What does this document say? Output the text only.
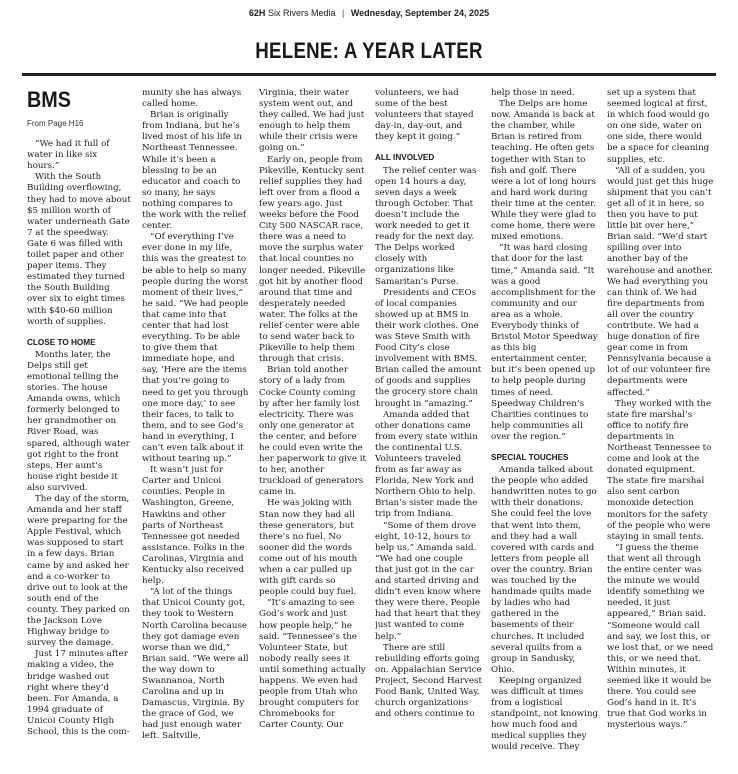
62H Six Rivers Media | Wednesday, September 24, 2025
HELENE: A YEAR LATER
BMS
From Page H16

“We had it full of water in like six hours.”

With the South Building overflowing, they had to move about $5 million worth of water underneath Gate 7 at the speedway. Gate 6 was filled with toilet paper and other paper items. They estimated they turned the South Building over six to eight times with $40-60 million worth of supplies.

CLOSE TO HOME

Months later, the Delps still get emotional telling the stories. The house Amanda owns, which formerly belonged to her grandmother on River Road, was spared, although water got right to the front steps. Her aunt’s house right beside it also survived.

The day of the storm, Amanda and her staff were preparing for the Apple Festival, which was supposed to start in a few days. Brian came by and asked her and a co-worker to drive out to look at the south end of the county. They parked on the Jackson Love Highway bridge to survey the damage.

Just 17 minutes after making a video, the bridge washed out right where they’d been. For Amanda, a 1994 graduate of Unicoi County High School, this is the com-

munity she has always called home.

Brian is originally from Indiana, but he’s lived most of his life in Northeast Tennessee. While it’s been a blessing to be an educator and coach to so many, he says nothing compares to the work with the relief center.

“Of everything I’ve ever done in my life, this was the greatest to be able to help so many people during the worst moment of their lives,” he said. “We had people that came into that center that had lost everything. To be able to give them that immediate hope, and say, ‘Here are the items that you’re going to need to get you through one more day,’ to see their faces, to talk to them, and to see God’s hand in everything, I can’t even talk about it without tearing up.”

It wasn’t just for Carter and Unicoi counties. People in Washington, Greene, Hawkins and other parts of Northeast Tennessee got needed assistance. Folks in the Carolinas, Virginia and Kentucky also received help.

“A lot of the things that Unicoi County got, they took to Western North Carolina because they got damage even worse than we did,” Brian said. “We were all the way down to Swannanoa, North Carolina and up in Damascus, Virginia. By the grace of God, we had just enough water left. Saltville,

Virginia, their water system went out, and they called. We had just enough to help them while their crisis were going on.”

Early on, people from Pikeville, Kentucky sent relief supplies they had left over from a flood a few years ago. Just weeks before the Food City 500 NASCAR race, there was a need to move the surplus water that local counties no longer needed. Pikeville got hit by another flood around that time and desperately needed water. The folks at the relief center were able to send water back to Pikeville to help them through that crisis.

Brian told another story of a lady from Cocke County coming by after her family lost electricity. There was only one generator at the center, and before he could even write the her paperwork to give it to her, another truckload of generators came in.

He was joking with Stan now they had all these generators, but there’s no fuel. No sooner did the words come out of his mouth when a car pulled up with gift cards so people could buy fuel.

“It’s amazing to see God’s work and just how people help,” he said. “Tennessee’s the Volunteer State, but nobody really sees it until something actually happens. We even had people from Utah who brought computers for Chromebooks for Carter County. Our

volunteers, we had some of the best volunteers that stayed day-in, day-out, and they kept it going.”

ALL INVOLVED

The relief center was open 14 hours a day, seven days a week through October. That doesn’t include the work needed to get it ready for the next day. The Delps worked closely with organizations like Samaritan’s Purse.

Presidents and CEOs of local companies showed up at BMS in their work clothes. One was Steve Smith with Food City’s close involvement with BMS. Brian called the amount of goods and supplies the grocery store chain brought in “amazing.”

Amanda added that other donations came from every state within the continental U.S. Volunteers traveled from as far away as Florida, New York and Northern Ohio to help. Brian’s sister made the trip from Indiana.

“Some of them drove eight, 10-12, hours to help us,” Amanda said. “We had one couple that just got in the car and started driving and didn’t even know where they were there. People had that heart that they just wanted to come help.”

There are still rebuilding efforts going on. Appalachian Service Project, Second Harvest Food Bank, United Way, church organizations and others continue to

help those in need.

The Delps are home now. Amanda is back at the chamber, while Brian is retired from teaching. He often gets together with Stan to fish and golf. There were a lot of long hours and hard work during their time at the center. While they were glad to come home, there were mixed emotions.

“It was hard closing that door for the last time,” Amanda said. “It was a good accomplishment for the community and our area as a whole. Everybody thinks of Bristol Motor Speedway as this big entertainment center, but it’s been opened up to help people during times of need. Speedway Children’s Charities continues to help communities all over the region.”

SPECIAL TOUCHES

Amanda talked about the people who added handwritten notes to go with their donations. She could feel the love that went into them, and they had a wall covered with cards and letters from people all over the country. Brian was touched by the handmade quilts made by ladies who had gathered in the basements of their churches. It included several quilts from a group in Sandusky, Ohio.

Keeping organized was difficult at times from a logistical standpoint, not knowing how much food and medical supplies they would receive. They

set up a system that seemed logical at first, in which food would go on one side, water on one side, there would be a space for cleaning supplies, etc.

“All of a sudden, you would just get this huge shipment that you can’t get all of it in here, so then you have to put little bit over here,” Brian said. “We’d start spilling over into another bay of the warehouse and another. We had everything you can think of. We had fire departments from all over the country contribute. We had a huge donation of fire gear come in from Pennsylvania because a lot of our volunteer fire departments were affected.”

They worked with the state fire marshal’s office to notify fire departments in Northeast Tennessee to come and look at the donated equipment. The state fire marshal also sent carbon monoxide detection monitors for the safety of the people who were staying in small tents.

“I guess the theme that went all through the entire center was the minute we would identify something we needed, it just appeared,” Brian said. “Someone would call and say, we lost this, or we lost that, or we need this, or we need that. Within minutes, it seemed like it would be there. You could see God’s hand in it. It’s true that God works in mysterious ways.”
